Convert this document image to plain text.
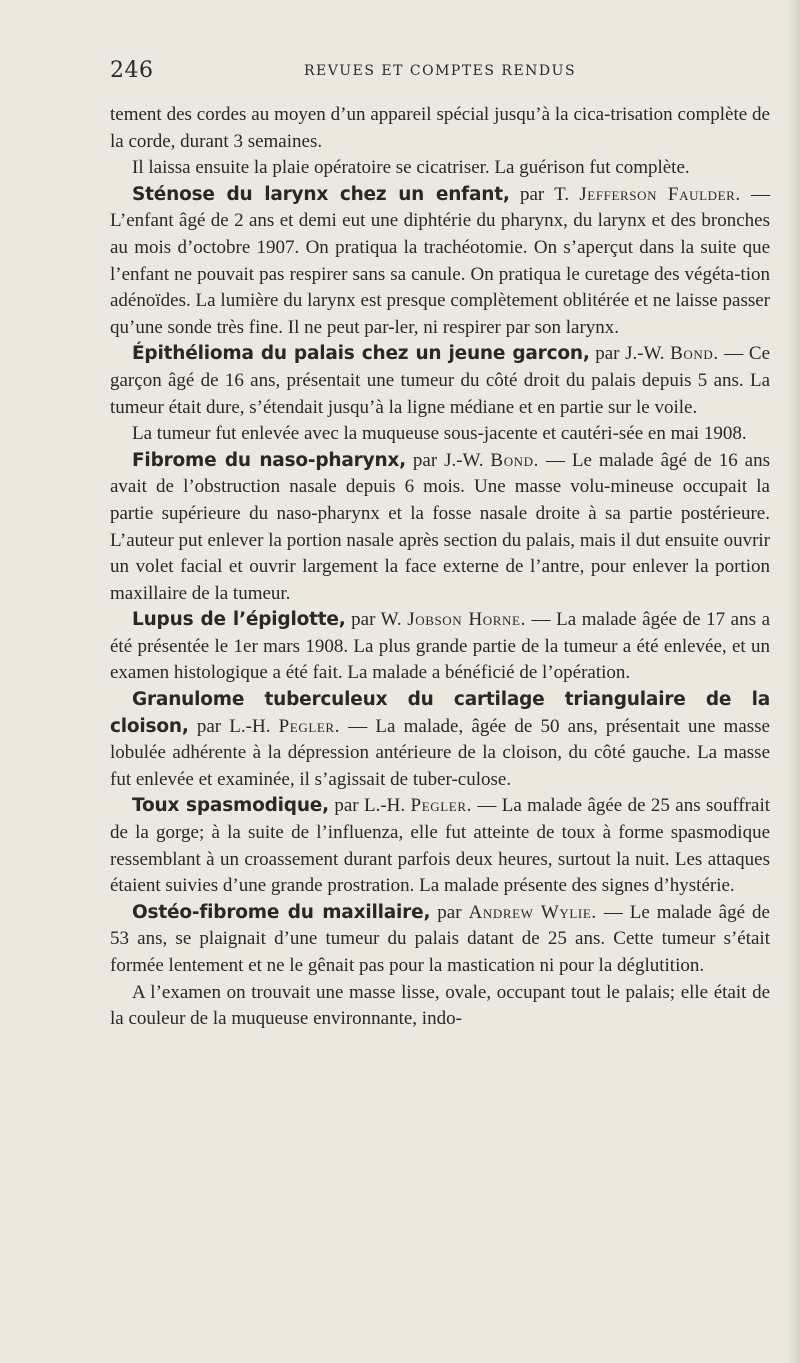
246	REVUES ET COMPTES RENDUS

tement des cordes au moyen d’un appareil spécial jusqu’à la cica-trisation complète de la corde, durant 3 semaines.

Il laissa ensuite la plaie opératoire se cicatriser. La guérison fut complète.

Sténose du larynx chez un enfant, par T. Jefferson Faulder. — L’enfant âgé de 2 ans et demi eut une diphtérie du pharynx, du larynx et des bronches au mois d’octobre 1907. On pratiqua la trachéotomie. On s’aperçut dans la suite que l’enfant ne pouvait pas respirer sans sa canule. On pratiqua le curetage des végéta-tion adénoïdes. La lumière du larynx est presque complètement oblitérée et ne laisse passer qu’une sonde très fine. Il ne peut par-ler, ni respirer par son larynx.

Épithélioma du palais chez un jeune garcon, par J.-W. Bond. — Ce garçon âgé de 16 ans, présentait une tumeur du côté droit du palais depuis 5 ans. La tumeur était dure, s’étendait jusqu’à la ligne médiane et en partie sur le voile.

La tumeur fut enlevée avec la muqueuse sous-jacente et cautéri-sée en mai 1908.

Fibrome du naso-pharynx, par J.-W. Bond. — Le malade âgé de 16 ans avait de l’obstruction nasale depuis 6 mois. Une masse volu-mineuse occupait la partie supérieure du naso-pharynx et la fosse nasale droite à sa partie postérieure. L’auteur put enlever la portion nasale après section du palais, mais il dut ensuite ouvrir un volet facial et ouvrir largement la face externe de l’antre, pour enlever la portion maxillaire de la tumeur.

Lupus de l’épiglotte, par W. Jobson Horne. — La malade âgée de 17 ans a été présentée le 1er mars 1908. La plus grande partie de la tumeur a été enlevée, et un examen histologique a été fait. La malade a bénéficié de l’opération.

Granulome tuberculeux du cartilage triangulaire de la cloison, par L.-H. Pegler. — La malade, âgée de 50 ans, présentait une masse lobulée adhérente à la dépression antérieure de la cloison, du côté gauche. La masse fut enlevée et examinée, il s’agissait de tuber-culose.

Toux spasmodique, par L.-H. Pegler. — La malade âgée de 25 ans souffrait de la gorge; à la suite de l’influenza, elle fut atteinte de toux à forme spasmodique ressemblant à un croassement durant parfois deux heures, surtout la nuit. Les attaques étaient suivies d’une grande prostration. La malade présente des signes d’hystérie.

Ostéo-fibrome du maxillaire, par Andrew Wylie. — Le malade âgé de 53 ans, se plaignait d’une tumeur du palais datant de 25 ans. Cette tumeur s’était formée lentement et ne le gênait pas pour la mastication ni pour la déglutition.

A l’examen on trouvait une masse lisse, ovale, occupant tout le palais; elle était de la couleur de la muqueuse environnante, indo-
